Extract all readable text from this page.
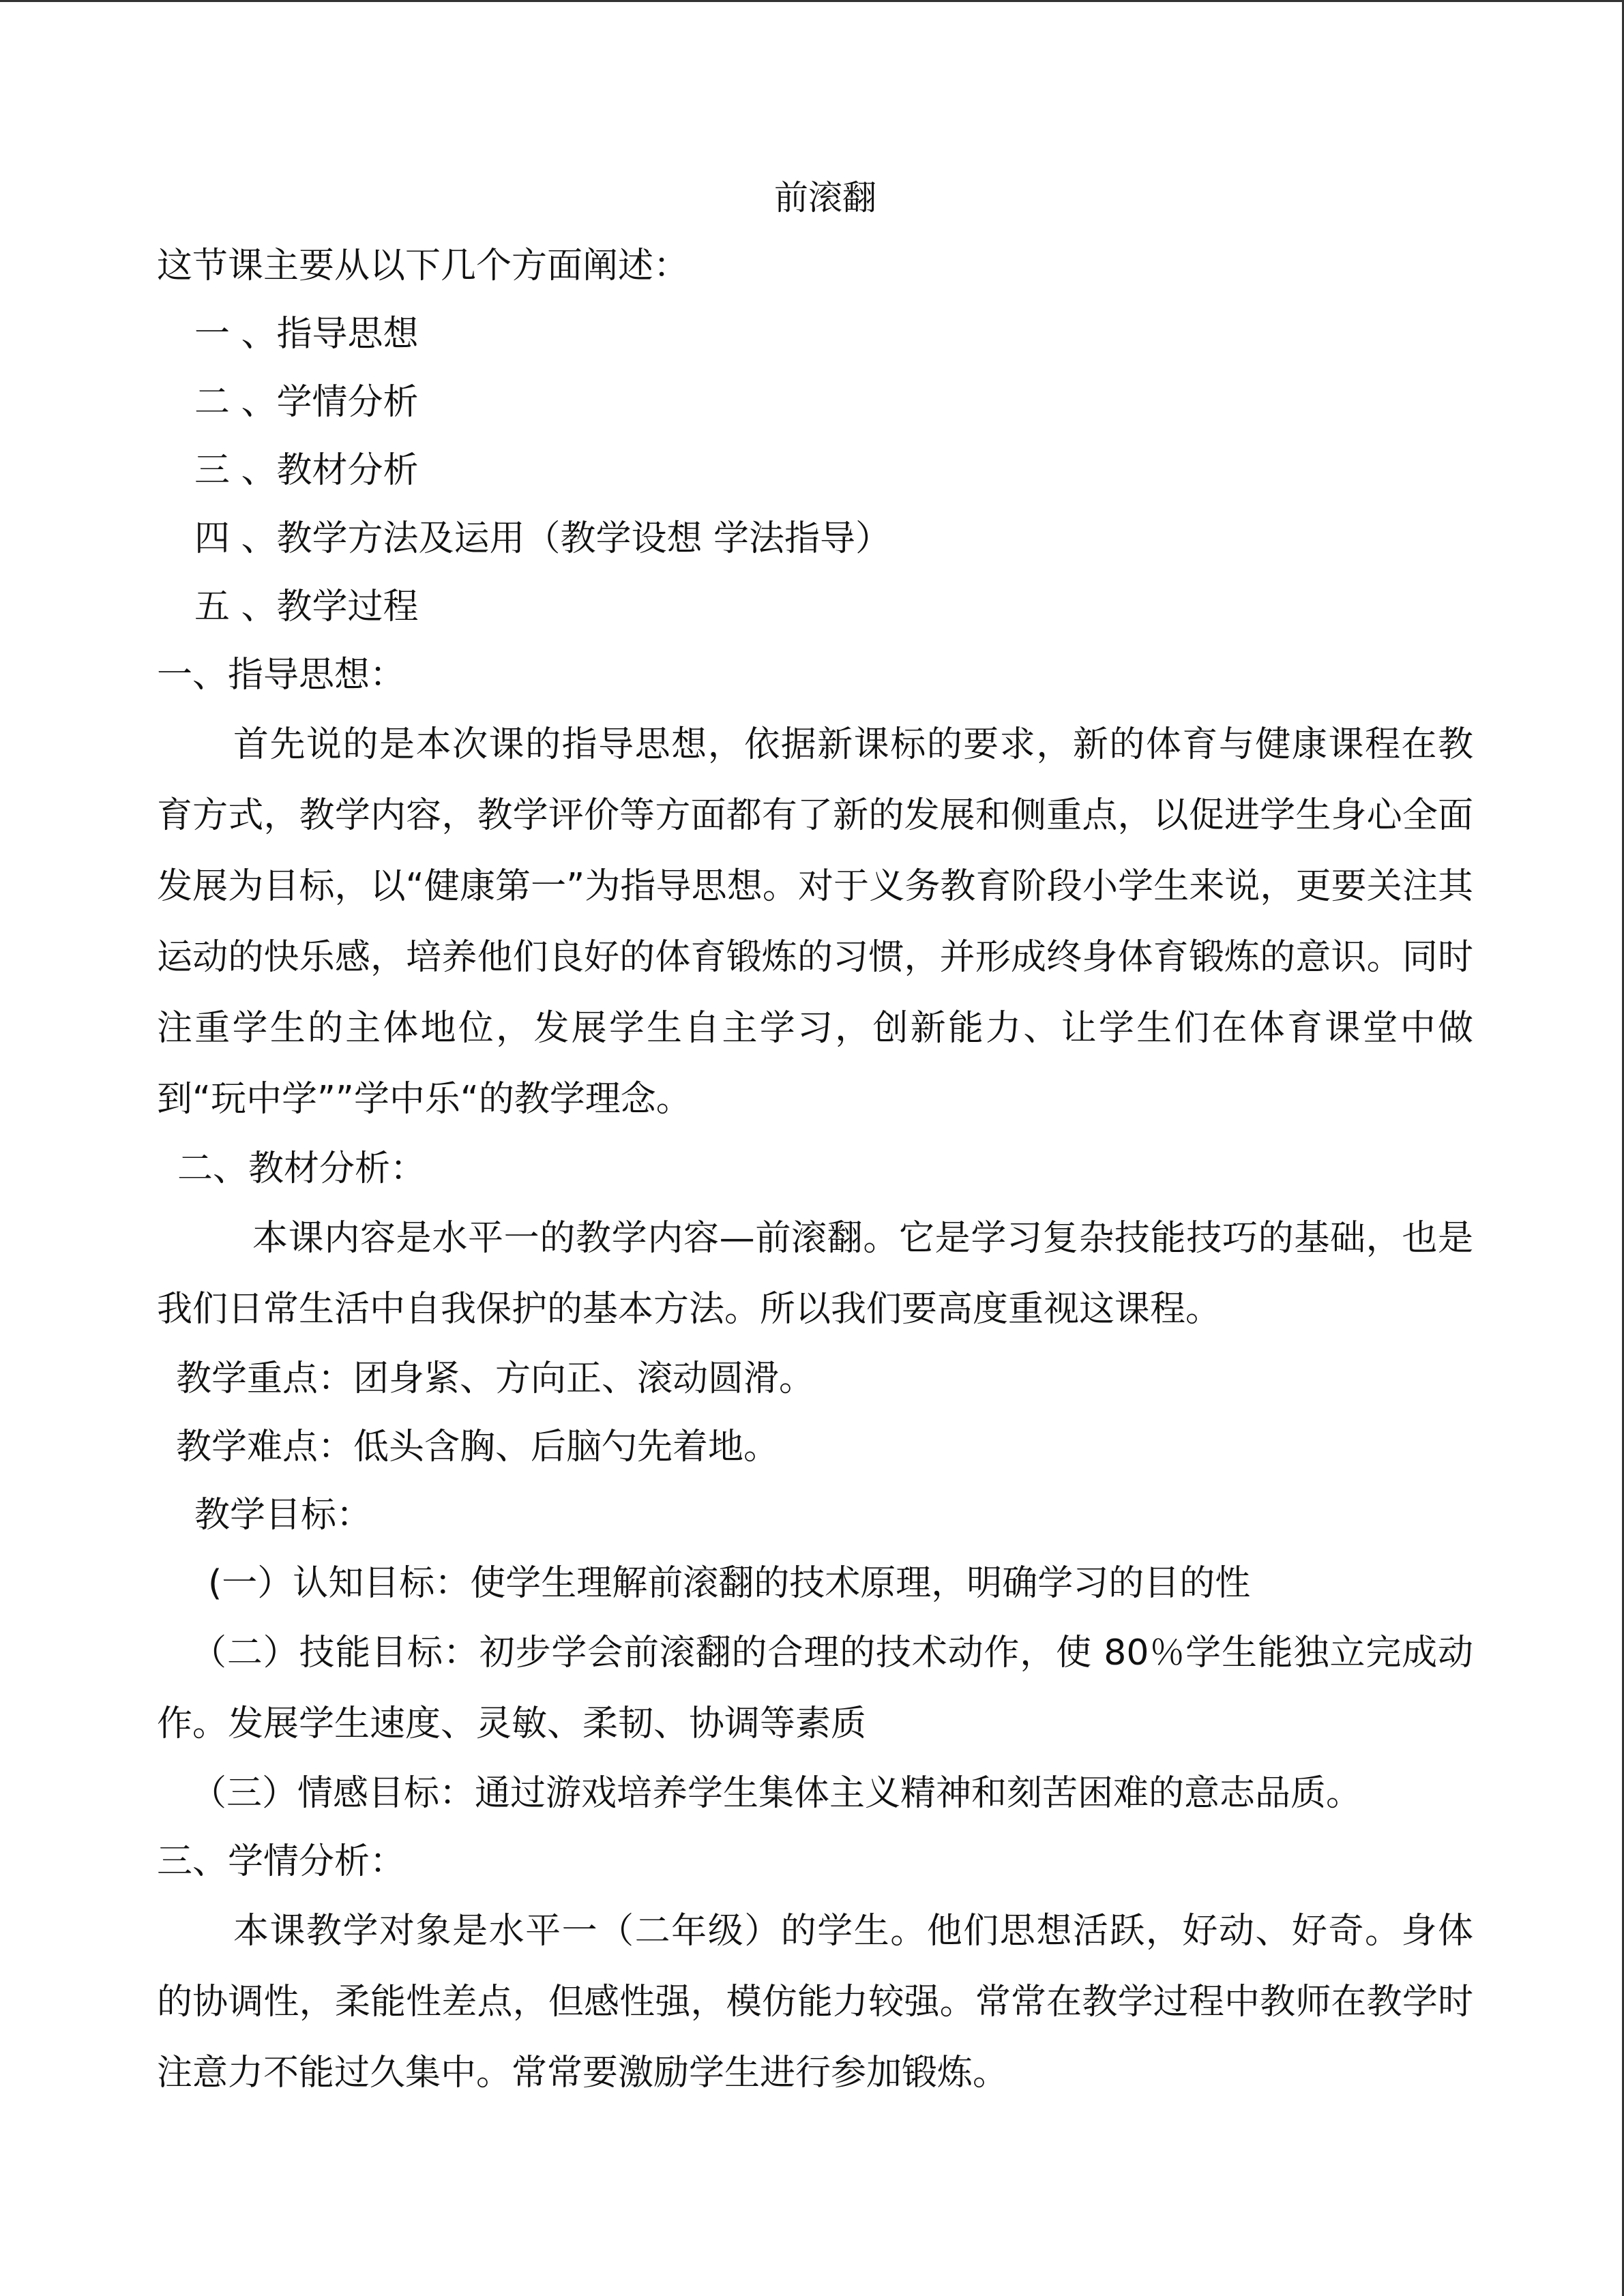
前滚翻
这节课主要从以下几个方面阐述：
一 、指导思想
二 、学情分析
三 、教材分析
四 、教学方法及运用（教学设想 学法指导）
五 、教学过程
一、指导思想：

首先说的是本次课的指导思想，依据新课标的要求，新的体育与健康课程在教育方式，教学内容，教学评价等方面都有了新的发展和侧重点，以促进学生身心全面发展为目标，以“健康第一”为指导思想。对于义务教育阶段小学生来说，更要关注其运动的快乐感，培养他们良好的体育锻炼的习惯，并形成终身体育锻炼的意识。同时注重学生的主体地位，发展学生自主学习，创新能力、让学生们在体育课堂中做到“玩中学””学中乐“的教学理念。

二、教材分析：

本课内容是水平一的教学内容—前滚翻。它是学习复杂技能技巧的基础，也是我们日常生活中自我保护的基本方法。所以我们要高度重视这课程。

教学重点：团身紧、方向正、滚动圆滑。
教学难点：低头含胸、后脑勺先着地。
教学目标：
(一）认知目标：使学生理解前滚翻的技术原理，明确学习的目的性

（二）技能目标：初步学会前滚翻的合理的技术动作，使 80％学生能独立完成动作。发展学生速度、灵敏、柔韧、协调等素质

（三）情感目标：通过游戏培养学生集体主义精神和刻苦困难的意志品质。
三、学情分析：

本课教学对象是水平一（二年级）的学生。他们思想活跃，好动、好奇。身体的协调性，柔能性差点，但感性强，模仿能力较强。常常在教学过程中教师在教学时注意力不能过久集中。常常要激励学生进行参加锻炼。
